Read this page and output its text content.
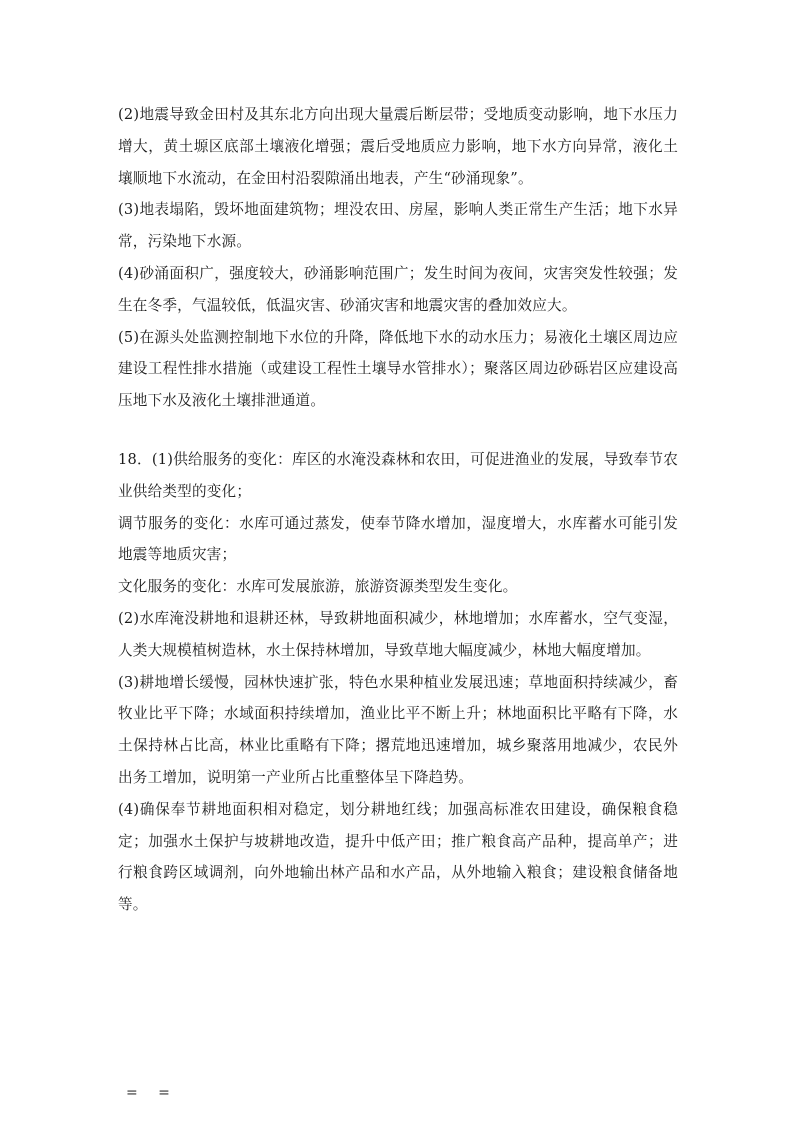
(2)地震导致金田村及其东北方向出现大量震后断层带；受地质变动影响，地下水压力增大，黄土塬区底部土壤液化增强；震后受地质应力影响，地下水方向异常，液化土壤顺地下水流动，在金田村沿裂隙涌出地表，产生“砂涌现象”。

(3)地表塌陷，毁坏地面建筑物；埋没农田、房屋，影响人类正常生产生活；地下水异常，污染地下水源。

(4)砂涌面积广，强度较大，砂涌影响范围广；发生时间为夜间，灾害突发性较强；发生在冬季，气温较低，低温灾害、砂涌灾害和地震灾害的叠加效应大。

(5)在源头处监测控制地下水位的升降，降低地下水的动水压力；易液化土壤区周边应建设工程性排水措施（或建设工程性土壤导水管排水）；聚落区周边砂砾岩区应建设高压地下水及液化土壤排泄通道。

18．(1)供给服务的变化：库区的水淹没森林和农田，可促进渔业的发展，导致奉节农业供给类型的变化；

调节服务的变化：水库可通过蒸发，使奉节降水增加，湿度增大，水库蓄水可能引发地震等地质灾害；

文化服务的变化：水库可发展旅游，旅游资源类型发生变化。

(2)水库淹没耕地和退耕还林，导致耕地面积减少，林地增加；水库蓄水，空气变湿，人类大规模植树造林，水土保持林增加，导致草地大幅度减少，林地大幅度增加。

(3)耕地增长缓慢，园林快速扩张，特色水果种植业发展迅速；草地面积持续减少，畜牧业比平下降；水域面积持续增加，渔业比平不断上升；林地面积比平略有下降，水土保持林占比高，林业比重略有下降；撂荒地迅速增加，城乡聚落用地减少，农民外出务工增加，说明第一产业所占比重整体呈下降趋势。

(4)确保奉节耕地面积相对稳定，划分耕地红线；加强高标准农田建设，确保粮食稳定；加强水土保护与坡耕地改造，提升中低产田；推广粮食高产品种，提高单产；进行粮食跨区域调剂，向外地输出林产品和水产品，从外地输入粮食；建设粮食储备地等。

= =
